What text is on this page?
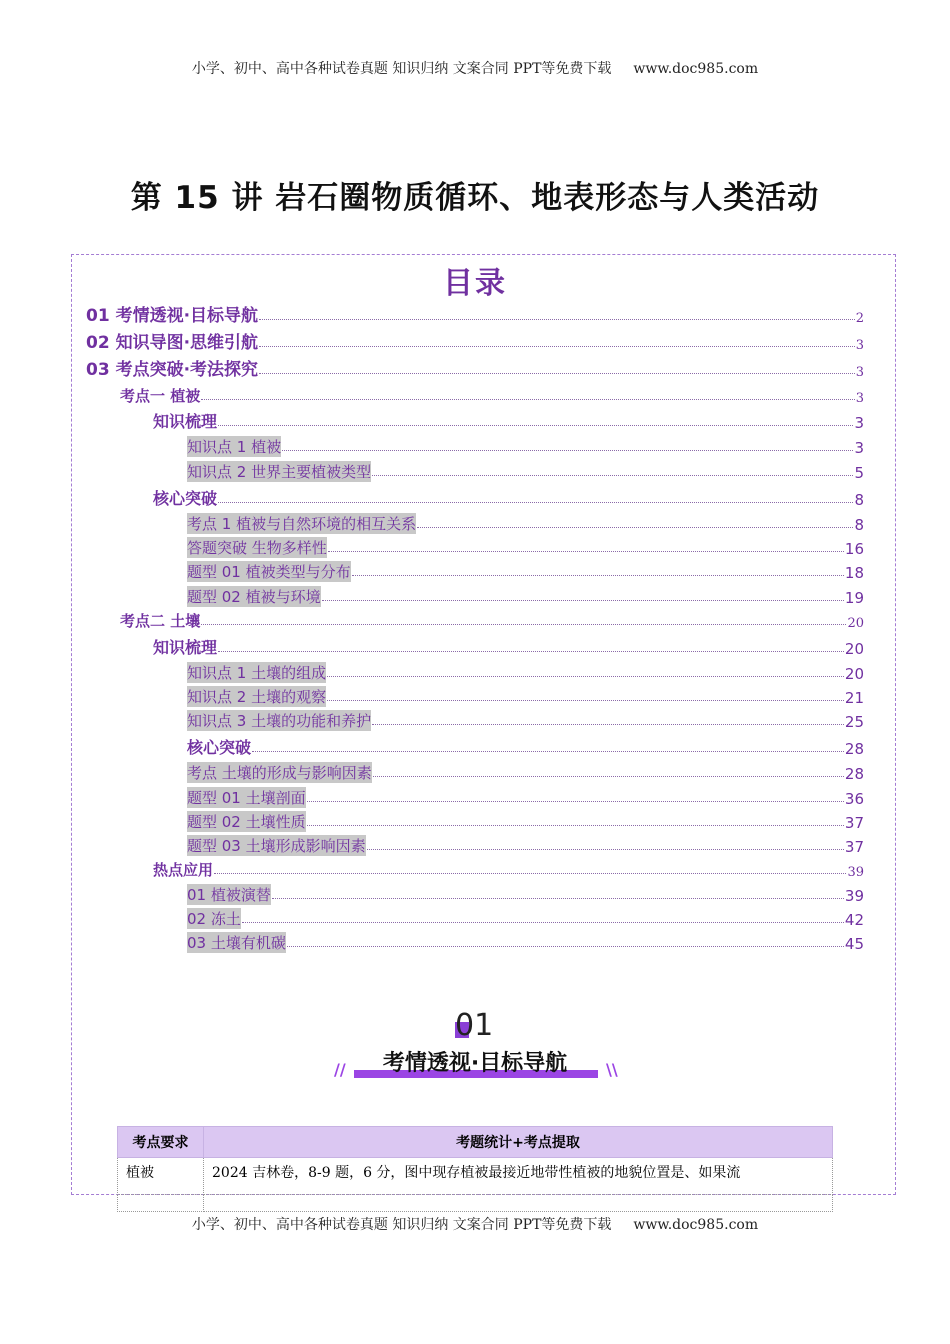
小学、初中、高中各种试卷真题 知识归纳 文案合同 PPT等免费下载 www.doc985.com
第 15 讲 岩石圈物质循环、地表形态与人类活动
目录
01 考情透视·目标导航	2
02 知识导图·思维引航	3
03 考点突破·考法探究	3
考点一 植被	3
知识梳理	3
知识点 1 植被	3
知识点 2 世界主要植被类型	5
核心突破	8
考点 1 植被与自然环境的相互关系	8
答题突破 生物多样性	16
题型 01 植被类型与分布	18
题型 02 植被与环境	19
考点二 土壤	20
知识梳理	20
知识点 1 土壤的组成	20
知识点 2 土壤的观察	21
知识点 3 土壤的功能和养护	25
核心突破	28
考点 土壤的形成与影响因素	28
题型 01 土壤剖面	36
题型 02 土壤性质	37
题型 03 土壤形成影响因素	37
热点应用	39
01 植被演替	39
02 冻土	42
03 土壤有机碳	45
01
//	考情透视·目标导航	\\
考点要求	考题统计+考点提取
植被	2024 吉林卷，8-9 题，6 分，图中现存植被最接近地带性植被的地貌位置是、如果流

小学、初中、高中各种试卷真题 知识归纳 文案合同 PPT等免费下载 www.doc985.com
